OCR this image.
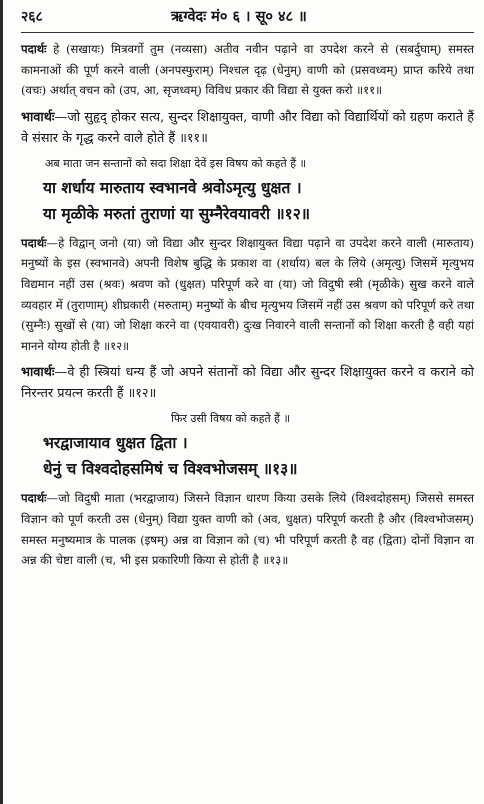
२६८	ऋग्वेदः मं० ६ । सू० ४८ ॥

पदार्थः हे (सखायः) मित्रवर्गो तुम (नव्यसा) अतीव नवीन पढ़ाने वा उपदेश करने से (सबर्दुघाम्) समस्त कामनाओं की पूर्ण करने वाली (अनपस्फुराम्) निश्चल दृढ़ (धेनुम्) वाणी को (प्रसवध्वम्) प्राप्त करिये तथा (वचः) अर्थात् वचन को (उप, आ, सृजध्वम्) विविध प्रकार की विद्या से युक्त करो ॥११॥

भावार्थः—जो सुहृद् होकर सत्य, सुन्दर शिक्षायुक्त, वाणी और विद्या को विद्यार्थियों को ग्रहण कराते हैं वे संसार के गृद्ध करने वाले होते हैं ॥११॥

अब माता जन सन्तानों को सदा शिक्षा देवें इस विषय को कहते हैं ॥

या शर्धाय मारुताय स्वभानवे श्रवोऽमृत्यु धुक्षत ।

या मृळीके मरुतां तुराणां या सुम्नैरेवयावरी ॥१२॥

पदार्थः—हे विद्वान् जनो (या) जो विद्या और सुन्दर शिक्षायुक्त विद्या पढ़ाने वा उपदेश करने वाली (मारुताय) मनुष्यों के इस (स्वभानवे) अपनी विशेष बुद्धि के प्रकाश वा (शर्धाय) बल के लिये (अमृत्यु) जिसमें मृत्युभय विद्यमान नहीं उस (श्रवः) श्रवण को (धुक्षत) परिपूर्ण करे वा (या) जो विदुषी स्त्री (मृळीके) सुख करने वाले व्यवहार में (तुराणाम्) शीघ्रकारी (मरुताम्) मनुष्यों के बीच मृत्युभय जिसमें नहीं उस श्रवण को परिपूर्ण करे तथा (सुम्नैः) सुखों से (या) जो शिक्षा करने वा (एवयावरी) दुःख निवारने वाली सन्तानों को शिक्षा करती है वही यहां मानने योग्य होती है ॥१२॥

भावार्थः—वे ही स्त्रियां धन्य हैं जो अपने संतानों को विद्या और सुन्दर शिक्षायुक्त करने व कराने को निरन्तर प्रयत्न करती हैं ॥१२॥

फिर उसी विषय को कहते हैं ॥

भरद्वाजायाव धुक्षत द्विता ।

धेनुं च विश्वदोहसमिषं च विश्वभोजसम् ॥१३॥

पदार्थः—जो विदुषी माता (भरद्वाजाय) जिसने विज्ञान धारण किया उसके लिये (विश्वदोहसम्) जिससे समस्त विज्ञान को पूर्ण करती उस (धेनुम्) विद्या युक्त वाणी को (अव, धुक्षत) परिपूर्ण करती है और (विश्वभोजसम्) समस्त मनुष्यमात्र के पालक (इषम्) अन्न वा विज्ञान को (च) भी परिपूर्ण करती है वह (द्विता) दोनों विज्ञान वा अन्न की चेष्टा वाली (च, भी इस प्रकारिणी किया से होती है ॥१३॥
